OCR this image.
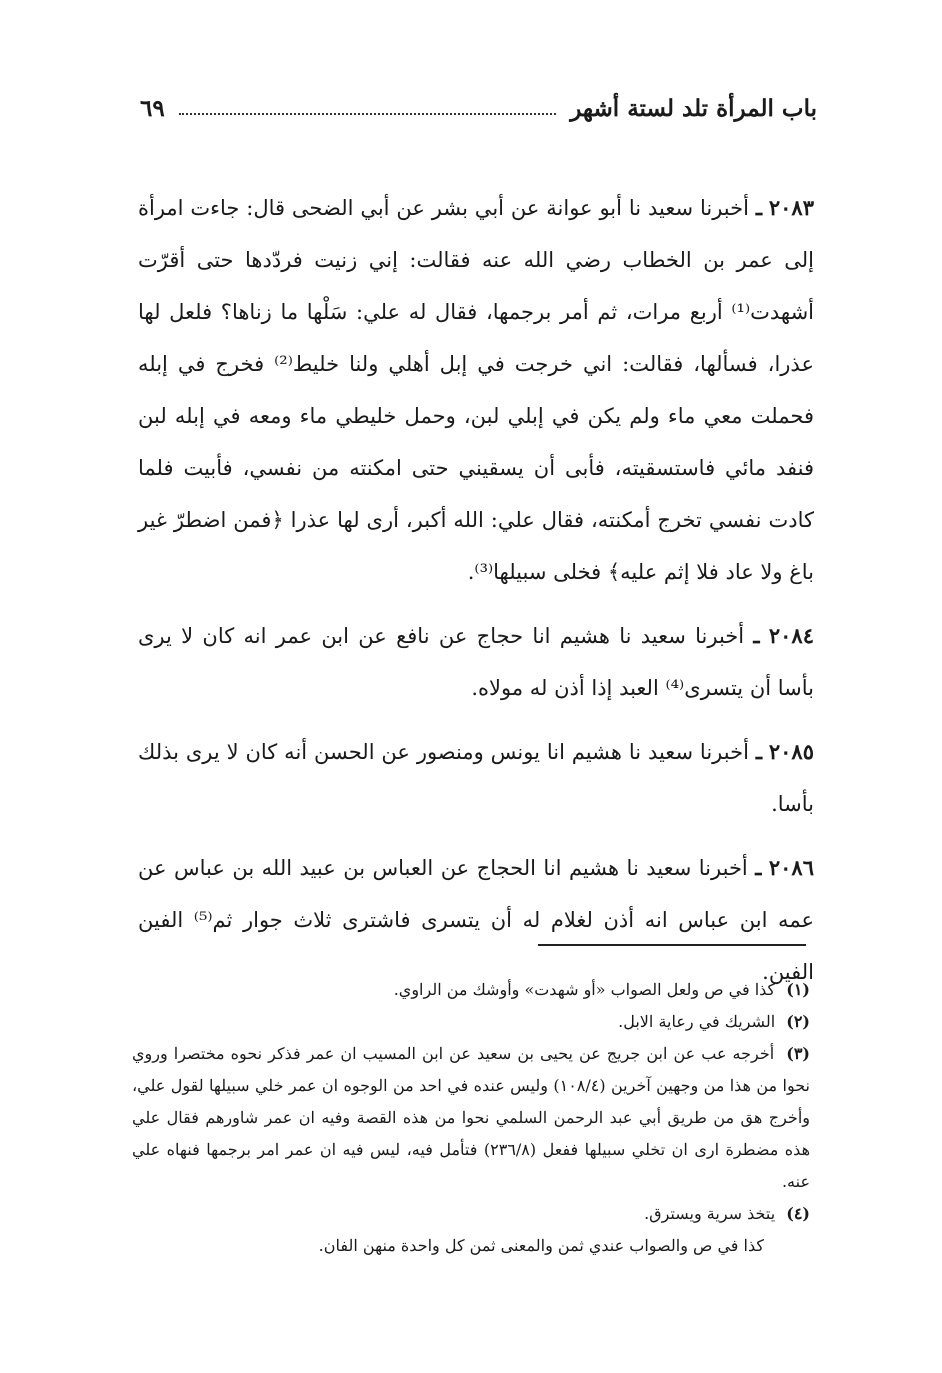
باب المرأة تلد لستة أشهر
٦٩

٢٠٨٣ ـ أخبرنا سعيد نا أبو عوانة عن أبي بشر عن أبي الضحى قال: جاءت امرأة إلى عمر بن الخطاب رضي الله عنه فقالت: إني زنيت فردّدها حتى أقرّت أشهدت⁽¹⁾ أربع مرات، ثم أمر برجمها، فقال له علي: سَلْها ما زناها؟ فلعل لها عذرا، فسألها، فقالت: اني خرجت في إبل أهلي ولنا خليط⁽²⁾ فخرج في إبله فحملت معي ماء ولم يكن في إبلي لبن، وحمل خليطي ماء ومعه في إبله لبن فنفد مائي فاستسقيته، فأبى أن يسقيني حتى امكنته من نفسي، فأبيت فلما كادت نفسي تخرج أمكنته، فقال علي: الله أكبر، أرى لها عذرا ﴿فمن اضطرّ غير باغ ولا عاد فلا إثم عليه﴾ فخلى سبيلها⁽³⁾.

٢٠٨٤ ـ أخبرنا سعيد نا هشيم انا حجاج عن نافع عن ابن عمر انه كان لا يرى بأسا أن يتسرى⁽⁴⁾ العبد إذا أذن له مولاه.

٢٠٨٥ ـ أخبرنا سعيد نا هشيم انا يونس ومنصور عن الحسن أنه كان لا يرى بذلك بأسا.

٢٠٨٦ ـ أخبرنا سعيد نا هشيم انا الحجاج عن العباس بن عبيد الله بن عباس عن عمه ابن عباس انه أذن لغلام له أن يتسرى فاشترى ثلاث جوار ثم⁽⁵⁾ الفين الفين.

(١) كذا في ص ولعل الصواب «أو شهدت» وأوشك من الراوي.

(٢) الشريك في رعاية الابل.

(٣) أخرجه عب عن ابن جريج عن يحيى بن سعيد عن ابن المسيب ان عمر فذكر نحوه مختصرا وروي نحوا من هذا من وجهين آخرين (١٠٨/٤) وليس عنده في احد من الوجوه ان عمر خلي سبيلها لقول علي، وأخرج هق من طريق أبي عبد الرحمن السلمي نحوا من هذه القصة وفيه ان عمر شاورهم فقال علي هذه مضطرة ارى ان تخلي سبيلها ففعل (٢٣٦/٨) فتأمل فيه، ليس فيه ان عمر امر برجمها فنهاه علي عنه.

(٤) يتخذ سرية ويسترق.

كذا في ص والصواب عندي ثمن والمعنى ثمن كل واحدة منهن الفان.
